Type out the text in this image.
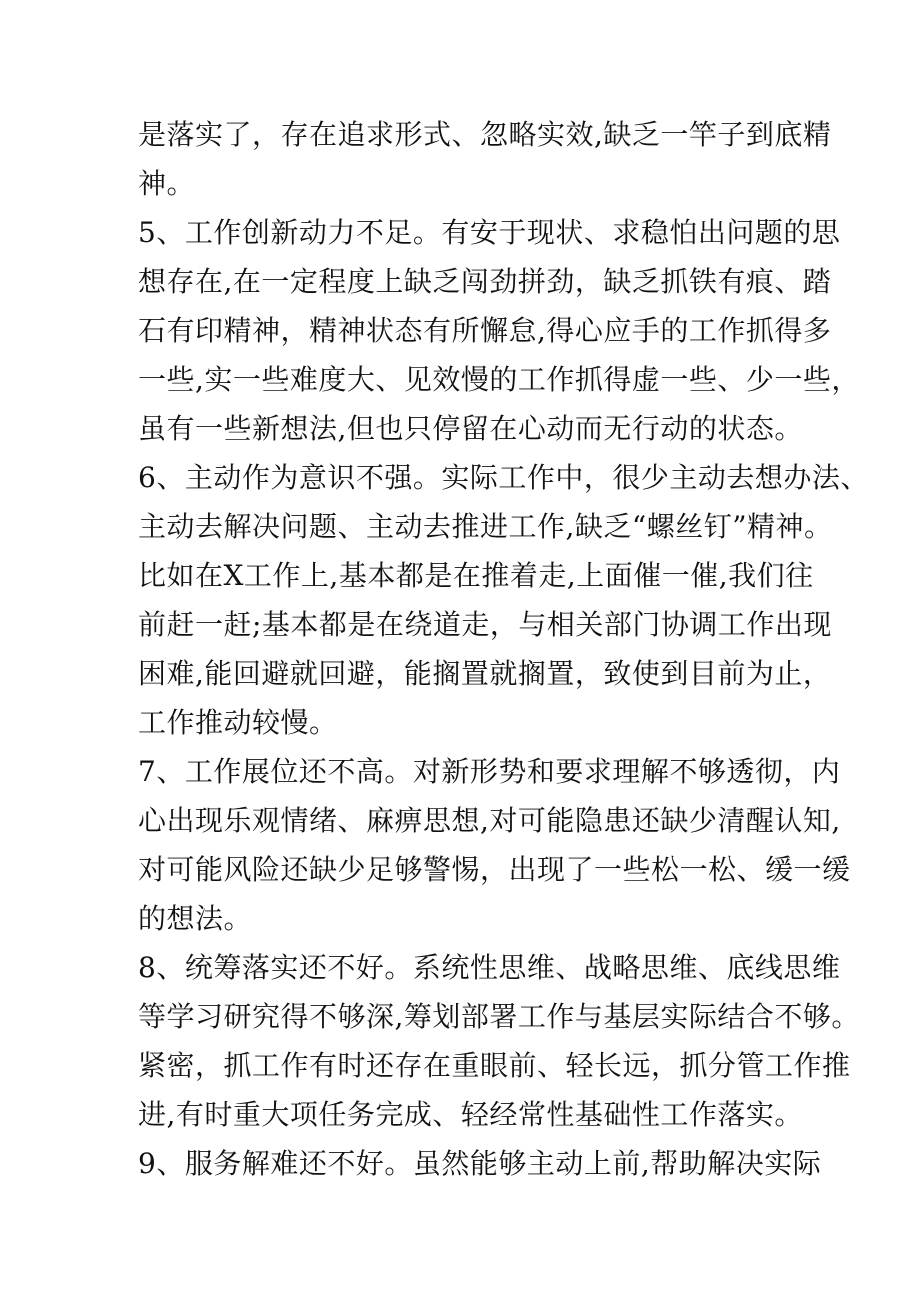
是落实了，存在追求形式、忽略实效,缺乏一竿子到底精
神。
5、工作创新动力不足。有安于现状、求稳怕出问题的思
想存在,在一定程度上缺乏闯劲拼劲，缺乏抓铁有痕、踏
石有印精神，精神状态有所懈怠,得心应手的工作抓得多
一些,实一些难度大、见效慢的工作抓得虚一些、少一些，
虽有一些新想法,但也只停留在心动而无行动的状态。
6、主动作为意识不强。实际工作中，很少主动去想办法、
主动去解决问题、主动去推进工作,缺乏“螺丝钉”精神。
比如在X工作上,基本都是在推着走,上面催一催,我们往
前赶一赶;基本都是在绕道走，与相关部门协调工作出现
困难,能回避就回避，能搁置就搁置，致使到目前为止，
工作推动较慢。
7、工作展位还不高。对新形势和要求理解不够透彻，内
心出现乐观情绪、麻痹思想,对可能隐患还缺少清醒认知,
对可能风险还缺少足够警惕，出现了一些松一松、缓一缓
的想法。
8、统筹落实还不好。系统性思维、战略思维、底线思维
等学习研究得不够深,筹划部署工作与基层实际结合不够。
紧密，抓工作有时还存在重眼前、轻长远，抓分管工作推
进,有时重大项任务完成、轻经常性基础性工作落实。
9、服务解难还不好。虽然能够主动上前,帮助解决实际
